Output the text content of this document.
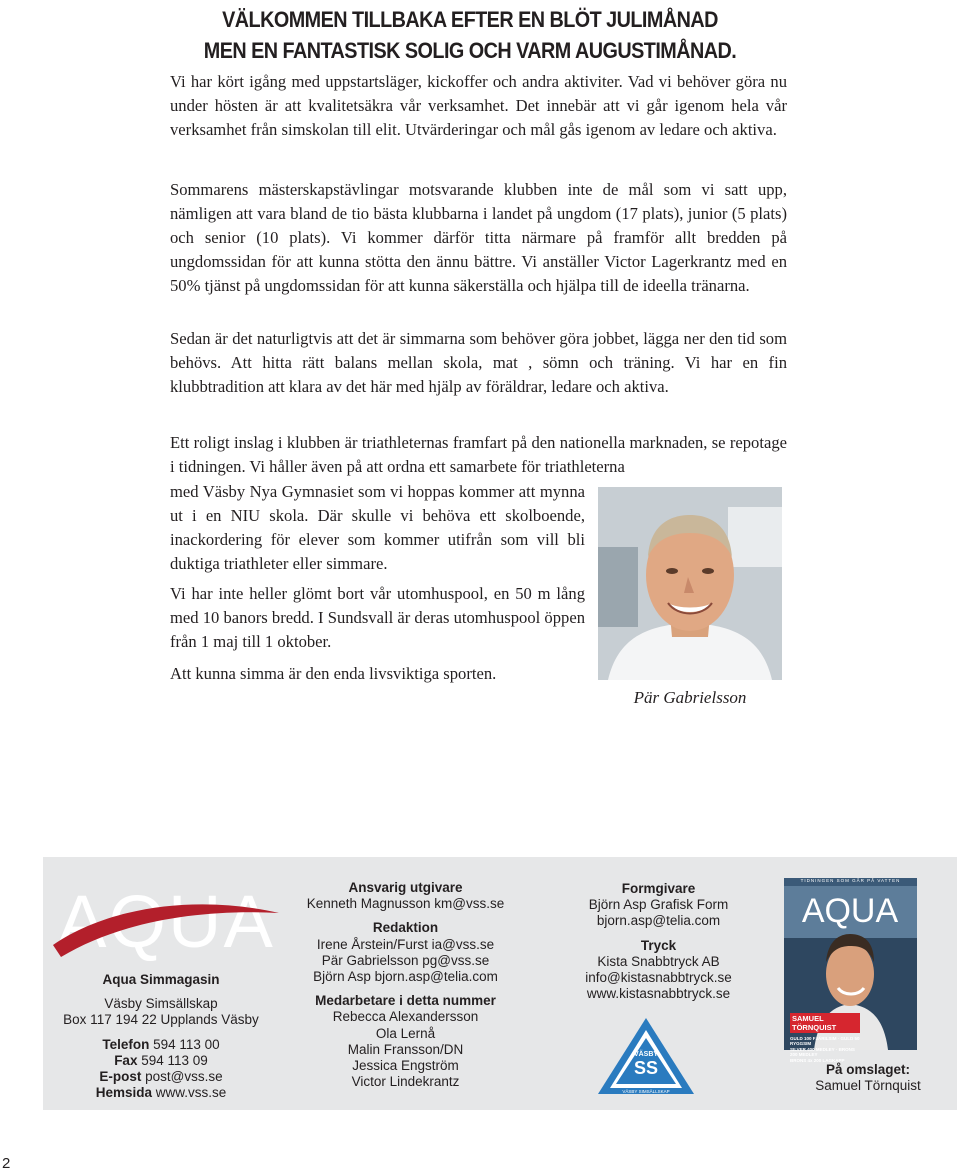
VÄLKOMMEN TILLBAKA EFTER EN BLÖT JULIMÅNAD
MEN EN FANTASTISK SOLIG OCH VARM AUGUSTIMÅNAD.

Vi har kört igång med uppstartsläger, kickoffer och andra aktiviter. Vad vi behöver göra nu under hösten är att kvalitetsäkra vår verksamhet. Det innebär att vi går igenom hela vår verksamhet från simskolan till elit. Utvärderingar och mål gås igenom av ledare och aktiva.

Sommarens mästerskapstävlingar motsvarande klubben inte de mål som vi satt upp, nämligen att vara bland de tio bästa klubbarna i landet på ungdom (17 plats), junior (5 plats) och senior (10 plats). Vi kommer därför titta närmare på framför allt bredden på ungdomssidan för att kunna stötta den ännu bättre. Vi anställer Victor Lagerkrantz med en 50% tjänst på ungdomssidan för att kunna säkerställa och hjälpa till de ideella tränarna.

Sedan är det naturligtvis att det är simmarna som behöver göra jobbet, lägga ner den tid som behövs. Att hitta rätt balans mellan skola, mat , sömn och träning. Vi har en fin klubbtradition att klara av det här med hjälp av föräldrar, ledare och aktiva.

Ett roligt inslag i klubben är triathleternas framfart på den nationella marknaden, se repotage i tidningen. Vi håller även på att ordna ett samarbete för triathleterna

med Väsby Nya Gymnasiet som vi hoppas kommer att mynna ut i en NIU skola. Där skulle vi behöva ett skolboende, inackordering för elever som kommer utifrån som vill bli duktiga triathleter eller simmare.

Vi har inte heller glömt bort vår utomhuspool, en 50 m lång med 10 banors bredd. I Sundsvall är deras utomhuspool öppen från 1 maj till 1 oktober.

Att kunna simma är den enda livsviktiga sporten.

Pär Gabrielsson
AQUA
Aqua Simmagasin
Väsby Simsällskap
Box 117 194 22 Upplands Väsby
Telefon 594 113 00
Fax 594 113 09
E-post post@vss.se
Hemsida www.vss.se
Ansvarig utgivare
Kenneth Magnusson km@vss.se
Redaktion
Irene Årstein/Furst ia@vss.se
Pär Gabrielsson pg@vss.se
Björn Asp bjorn.asp@telia.com
Medarbetare i detta nummer
Rebecca Alexandersson
Ola Lernå
Malin Fransson/DN
Jessica Engström
Victor Lindekrantz
Formgivare
Björn Asp Grafisk Form
bjorn.asp@telia.com
Tryck
Kista Snabbtryck AB
info@kistasnabbtryck.se
www.kistasnabbtryck.se
SS
VÄSBY
VÄSBY SIMSÄLLSKAP
TIDNINGEN SOM GÅR PÅ VATTEN
AQUA
SAMUEL TÖRNQUIST
GULD 100 FJÄRILSIM · GULD 50 RYGGSIM
SILVER 400 MEDLEY · BRONS 200 MEDLEY
BRONS 4x 200 LAGKAPP
På omslaget:
Samuel Törnquist
2
